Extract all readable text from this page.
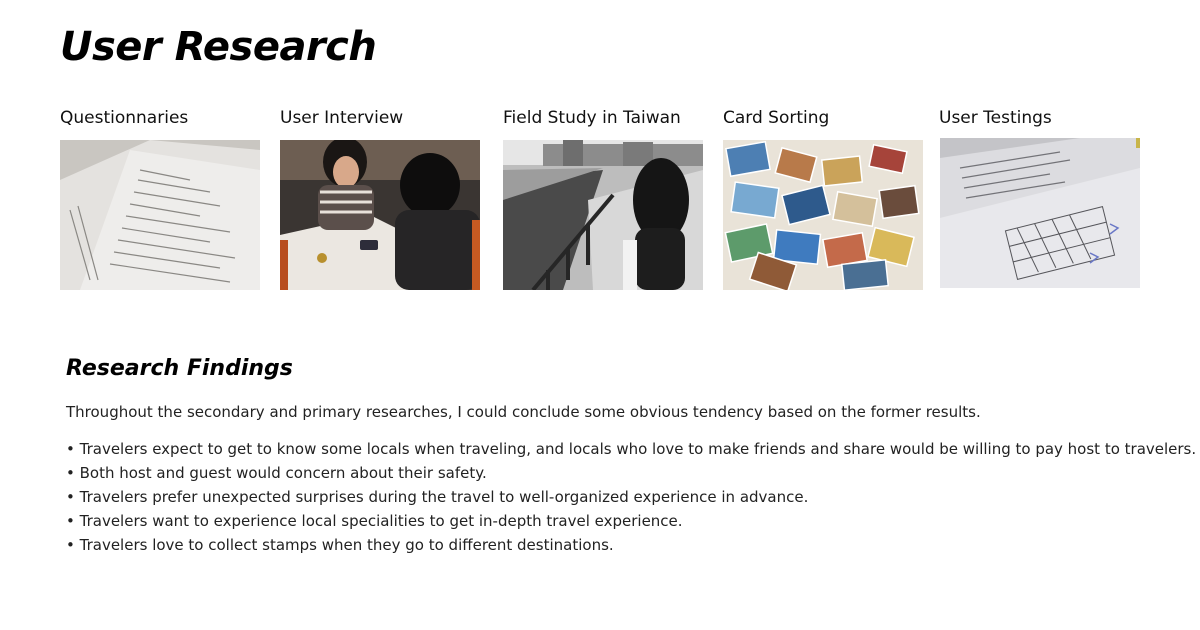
User Research
Questionnaries	User Interview	Field Study in Taiwan Card Sorting	User Testings
Research Findings

Throughout the secondary and primary researches, I could conclude some obvious tendency based on the former results.

• Travelers expect to get to know some locals when traveling, and locals who love to make friends and share would be willing to pay host to travelers.
• Both host and guest would concern about their safety.
• Travelers prefer unexpected surprises during the travel to well-organized experience in advance.
• Travelers want to experience local specialities to get in-depth travel experience.
• Travelers love to collect stamps when they go to different destinations.
